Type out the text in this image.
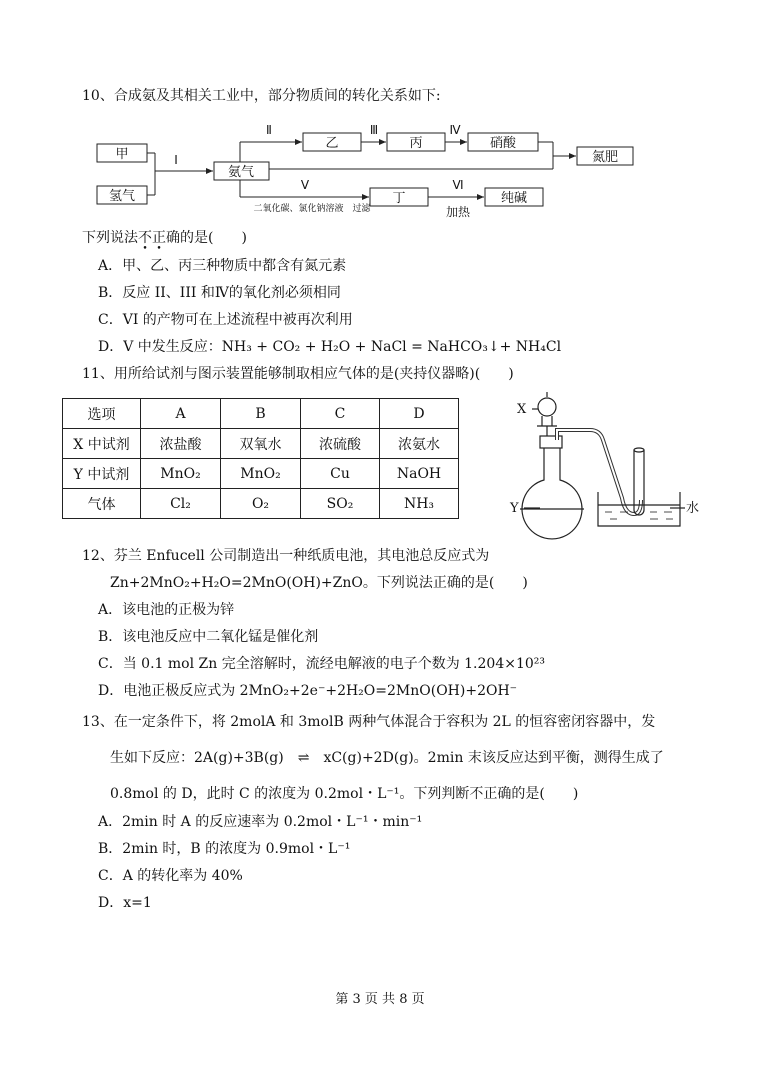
10、合成氨及其相关工业中，部分物质间的转化关系如下:
甲
氢气
氨气
乙	丙	硝酸
氮肥
丁	纯碱
I
Ⅱ	Ⅲ	Ⅳ
V	Ⅵ
二氧化碳、氯化钠溶液　过滤	加热
下列说法不正确的是(　　)
A．甲、乙、丙三种物质中都含有氮元素
B．反应 II、III 和Ⅳ的氧化剂必须相同
C．VI 的产物可在上述流程中被再次利用
D．V 中发生反应：NH₃ + CO₂ + H₂O + NaCl = NaHCO₃↓+ NH₄Cl
11、用所给试剂与图示装置能够制取相应气体的是(夹持仪器略)(　　)
选项	A	B	C	D
X 中试剂	浓盐酸	双氧水	浓硫酸	浓氨水
Y 中试剂	MnO₂	MnO₂	Cu	NaOH
气体	Cl₂	O₂	SO₂	NH₃
X
Y	水
12、芬兰 Enfucell 公司制造出一种纸质电池，其电池总反应式为
Zn+2MnO₂+H₂O=2MnO(OH)+ZnO。下列说法正确的是(　　)
A．该电池的正极为锌
B．该电池反应中二氧化锰是催化剂
C．当 0.1 mol Zn 完全溶解时，流经电解液的电子个数为 1.204×10²³
D．电池正极反应式为 2MnO₂+2e⁻+2H₂O=2MnO(OH)+2OH⁻
13、在一定条件下，将 2molA 和 3molB 两种气体混合于容积为 2L 的恒容密闭容器中，发
生如下反应：2A(g)+3B(g)　⇌　xC(g)+2D(g)。2min 末该反应达到平衡，测得生成了
0.8mol 的 D，此时 C 的浓度为 0.2mol・L⁻¹。下列判断不正确的是(　　)
A．2min 时 A 的反应速率为 0.2mol・L⁻¹・min⁻¹
B．2min 时，B 的浓度为 0.9mol・L⁻¹
C．A 的转化率为 40%
D．x=1
第 3 页 共 8 页
